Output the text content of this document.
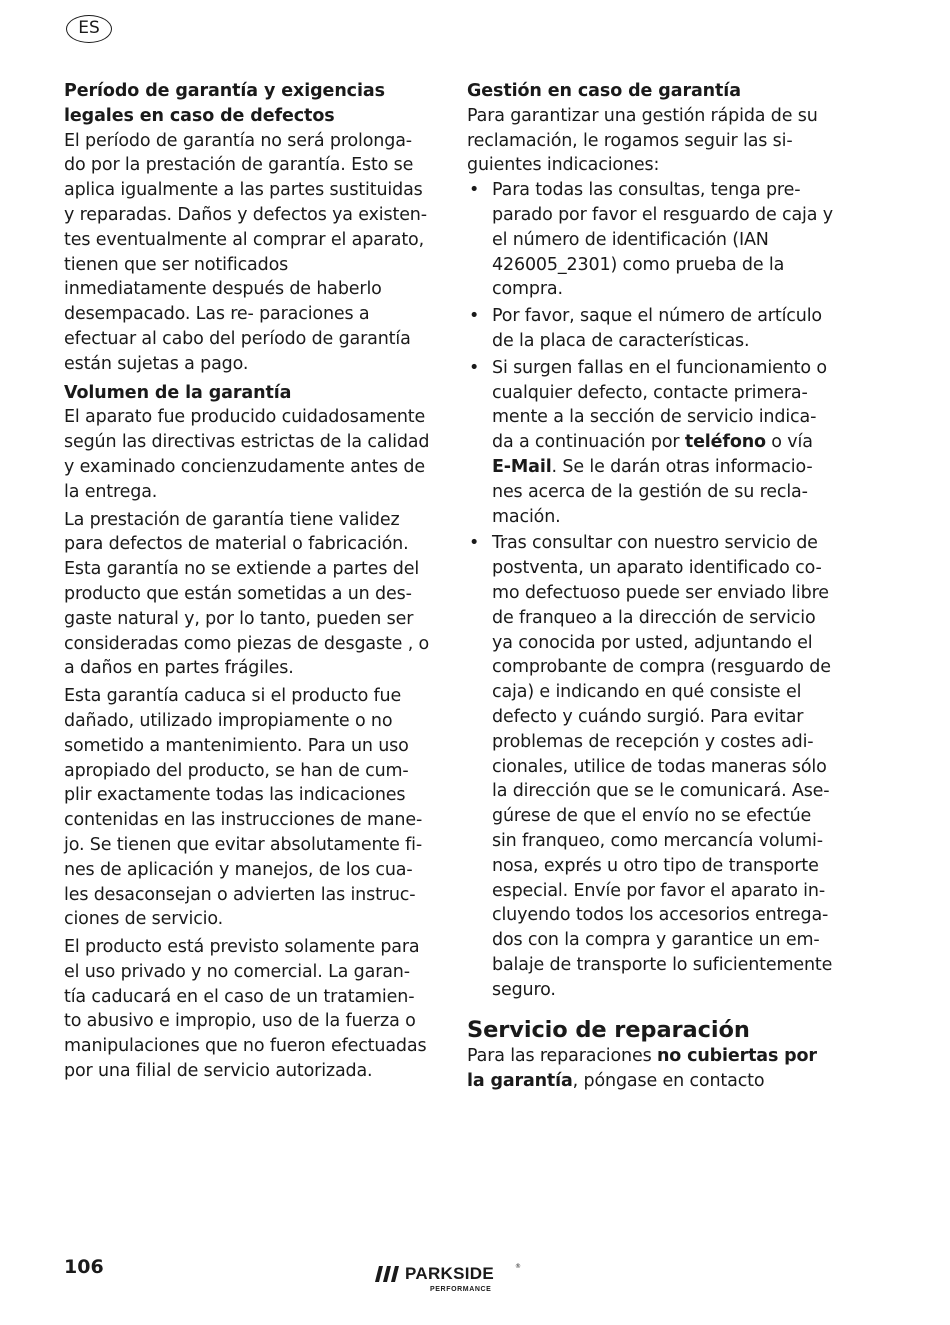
ES
Período de garantía y exigencias legales en caso de defectos

El período de garantía no será prolonga- do por la prestación de garantía. Esto se aplica igualmente a las partes sustituidas y reparadas. Daños y defectos ya existen- tes eventualmente al comprar el aparato, tienen que ser notificados inmediatamente después de haberlo desempacado. Las re- paraciones a efectuar al cabo del período de garantía están sujetas a pago.

Volumen de la garantía

El aparato fue producido cuidadosamente según las directivas estrictas de la calidad y examinado concienzudamente antes de la entrega.

La prestación de garantía tiene validez para defectos de material o fabricación. Esta garantía no se extiende a partes del producto que están sometidas a un des- gaste natural y, por lo tanto, pueden ser consideradas como piezas de desgaste , o a daños en partes frágiles.

Esta garantía caduca si el producto fue dañado, utilizado impropiamente o no sometido a mantenimiento. Para un uso apropiado del producto, se han de cum- plir exactamente todas las indicaciones contenidas en las instrucciones de mane- jo. Se tienen que evitar absolutamente fi- nes de aplicación y manejos, de los cua- les desaconsejan o advierten las instruc- ciones de servicio.

El producto está previsto solamente para el uso privado y no comercial. La garan- tía caducará en el caso de un tratamien- to abusivo e impropio, uso de la fuerza o manipulaciones que no fueron efectuadas por una filial de servicio autorizada.

Gestión en caso de garantía

Para garantizar una gestión rápida de su reclamación, le rogamos seguir las si- guientes indicaciones:

• Para todas las consultas, tenga pre- parado por favor el resguardo de caja y el número de identificación (IAN 426005_2301) como prueba de la compra.
• Por favor, saque el número de artículo de la placa de características.
• Si surgen fallas en el funcionamiento o cualquier defecto, contacte primera- mente a la sección de servicio indica- da a continuación por teléfono o vía E-Mail. Se le darán otras informacio- nes acerca de la gestión de su recla- mación.
• Tras consultar con nuestro servicio de postventa, un aparato identificado co- mo defectuoso puede ser enviado libre de franqueo a la dirección de servicio ya conocida por usted, adjuntando el comprobante de compra (resguardo de caja) e indicando en qué consiste el defecto y cuándo surgió. Para evitar problemas de recepción y costes adi- cionales, utilice de todas maneras sólo la dirección que se le comunicará. Ase- gúrese de que el envío no se efectúe sin franqueo, como mercancía volumi- nosa, exprés u otro tipo de transporte especial. Envíe por favor el aparato in- cluyendo todos los accesorios entrega- dos con la compra y garantice un em- balaje de transporte lo suficientemente seguro.
Servicio de reparación

Para las reparaciones no cubiertas por la garantía, póngase en contacto

106	PARKSIDE	®
PERFORMANCE
